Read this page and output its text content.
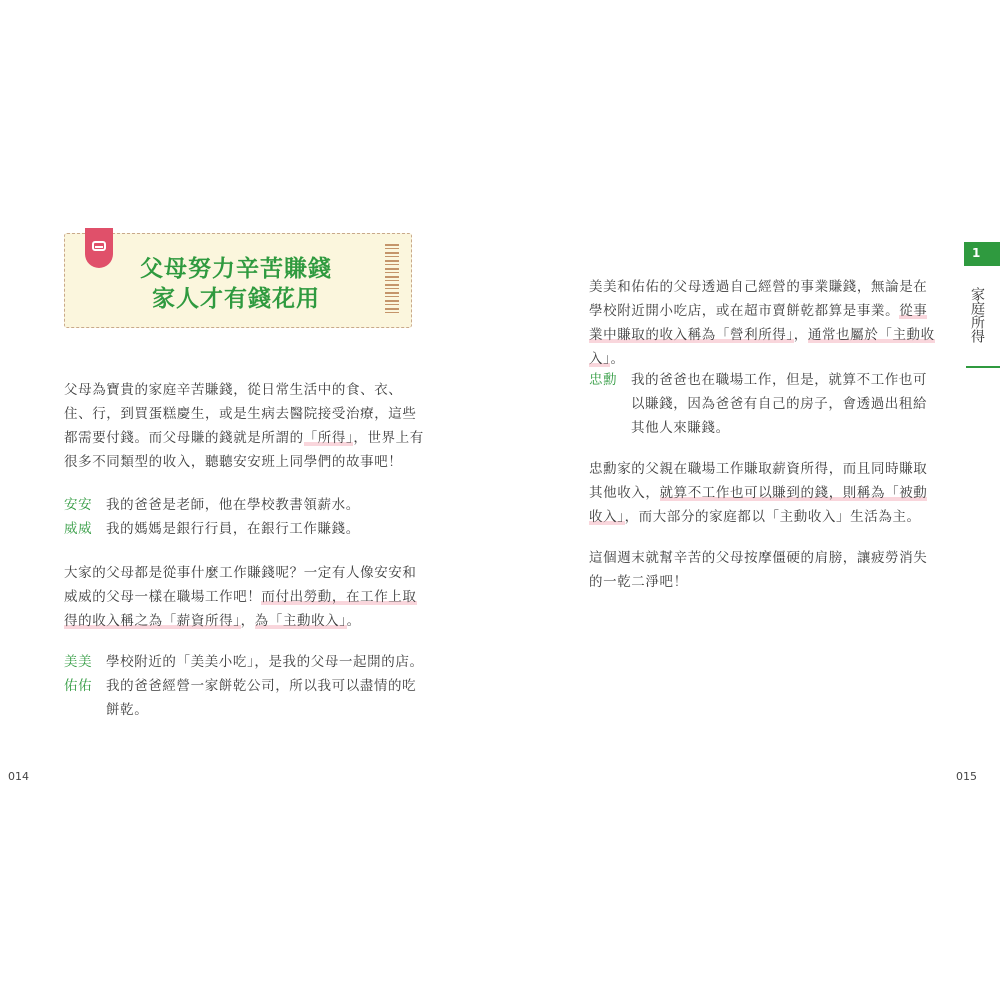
父母努力辛苦賺錢
家人才有錢花用

父母為寶貴的家庭辛苦賺錢，從日常生活中的食、衣、住、行，到買蛋糕慶生，或是生病去醫院接受治療，這些都需要付錢。而父母賺的錢就是所謂的「所得」，世界上有很多不同類型的收入，聽聽安安班上同學們的故事吧！

安安	我的爸爸是老師，他在學校教書領薪水。
威威	我的媽媽是銀行行員，在銀行工作賺錢。

大家的父母都是從事什麼工作賺錢呢？一定有人像安安和威威的父母一樣在職場工作吧！而付出勞動，在工作上取得的收入稱之為「薪資所得」，為「主動收入」。

美美	學校附近的「美美小吃」，是我的父母一起開的店。
佑佑	我的爸爸經營一家餅乾公司，所以我可以盡情的吃餅乾。
014

美美和佑佑的父母透過自己經營的事業賺錢，無論是在學校附近開小吃店，或在超市賣餅乾都算是事業。從事業中賺取的收入稱為「營利所得」，通常也屬於「主動收入」。

忠勳	我的爸爸也在職場工作，但是，就算不工作也可以賺錢，因為爸爸有自己的房子，會透過出租給其他人來賺錢。

忠勳家的父親在職場工作賺取薪資所得，而且同時賺取其他收入，就算不工作也可以賺到的錢，則稱為「被動收入」，而大部分的家庭都以「主動收入」生活為主。

這個週末就幫辛苦的父母按摩僵硬的肩膀，讓疲勞消失的一乾二淨吧！

1
家庭所得
015
